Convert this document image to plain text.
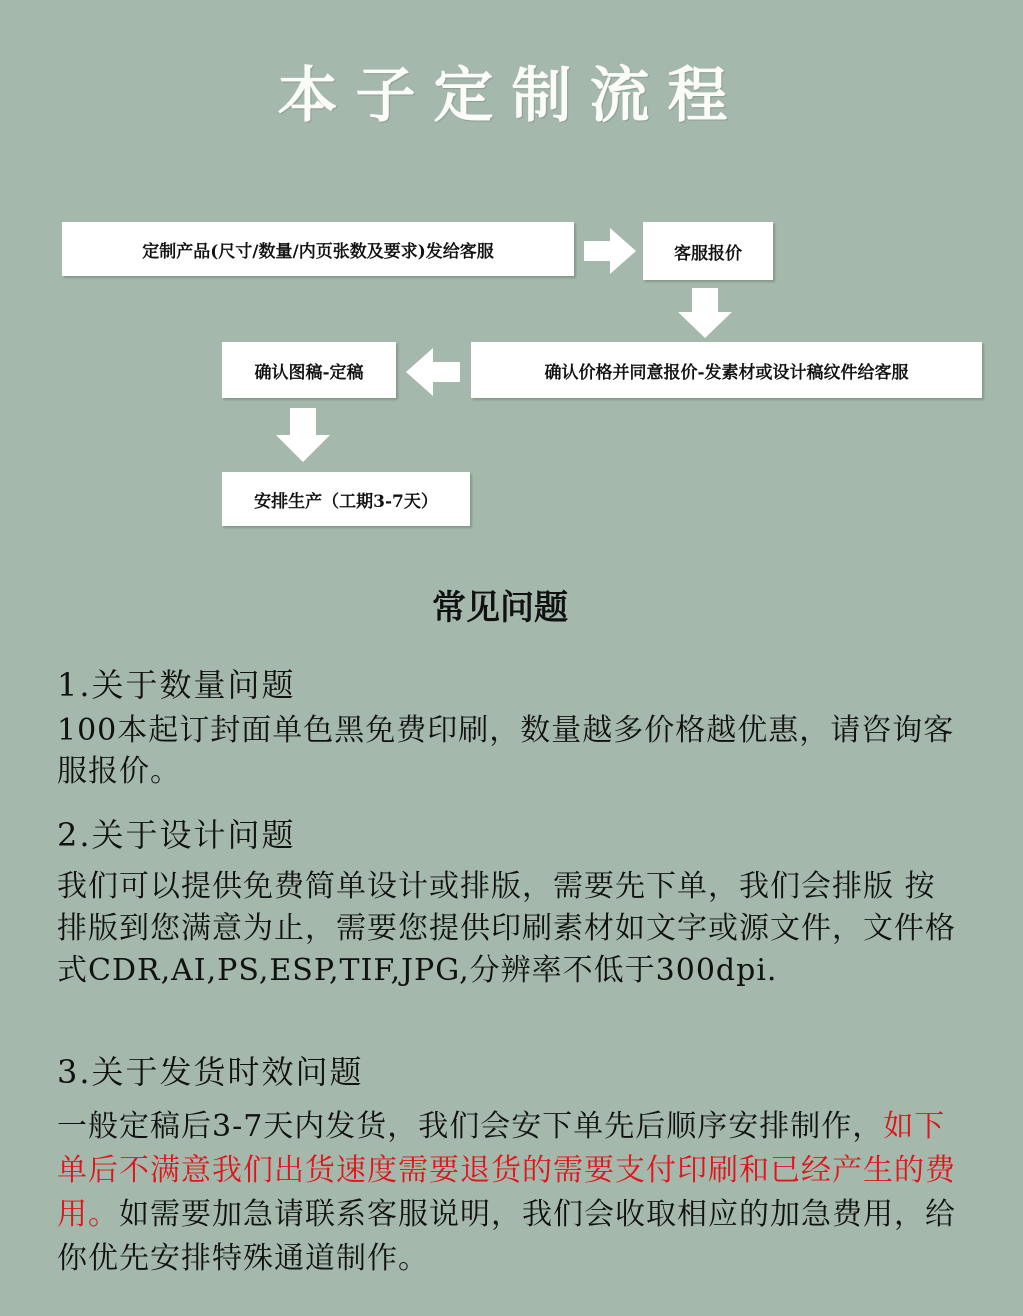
本子定制流程
定制产品(尺寸/数量/内页张数及要求)发给客服	客服报价
确认价格并同意报价-发素材或设计稿纹件给客服
确认图稿-定稿
安排生产（工期3-7天）
常见问题
1.关于数量问题
100本起订封面单色黑免费印刷，数量越多价格越优惠，请咨询客服报价。
2.关于设计问题
我们可以提供免费简单设计或排版，需要先下单，我们会排版 按排版到您满意为止，需要您提供印刷素材如文字或源文件，文件格式CDR,AI,PS,ESP,TIF,JPG,分辨率不低于300dpi.
3.关于发货时效问题
一般定稿后3-7天内发货，我们会安下单先后顺序安排制作，如下单后不满意我们出货速度需要退货的需要支付印刷和已经产生的费用。如需要加急请联系客服说明，我们会收取相应的加急费用，给你优先安排特殊通道制作。
